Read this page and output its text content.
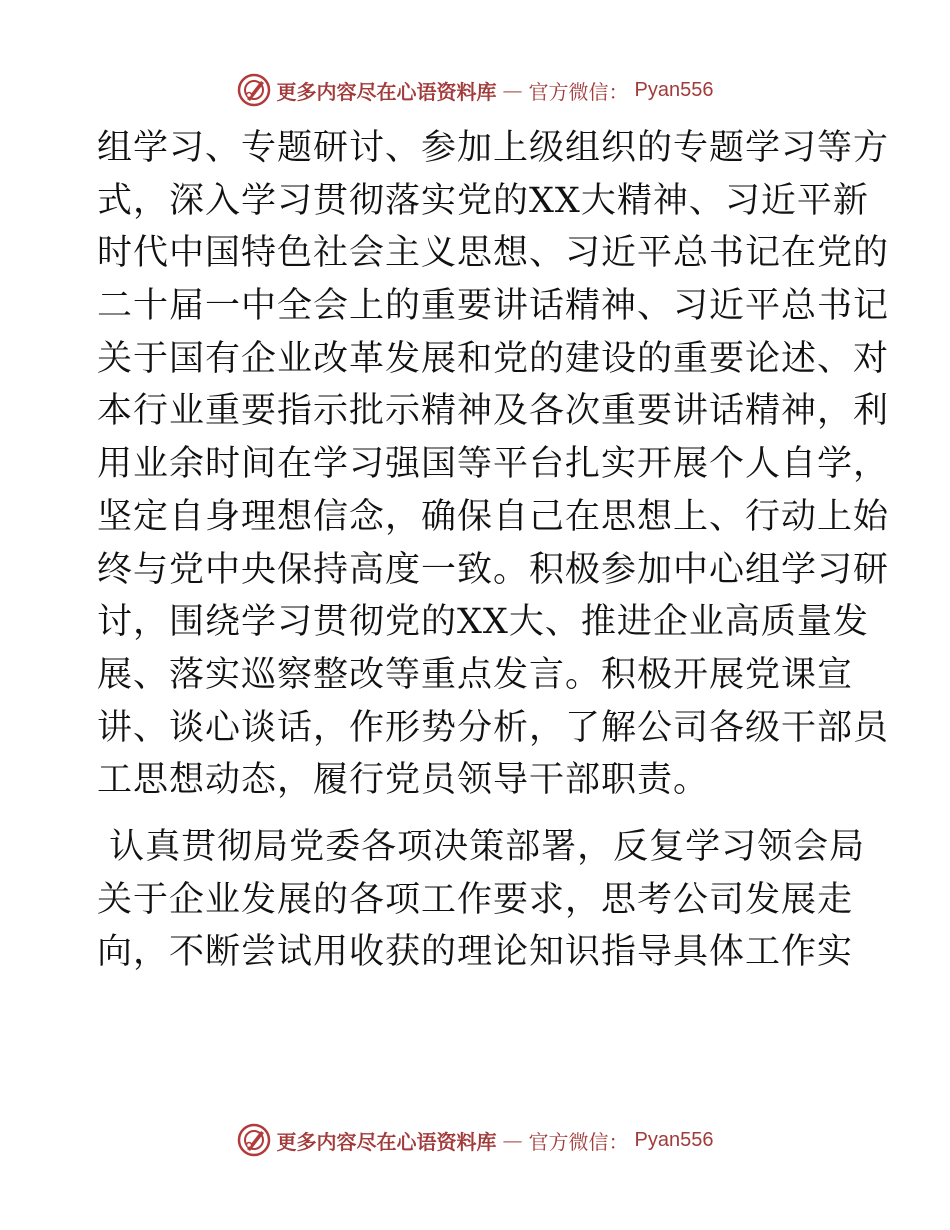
更多内容尽在心语资料库 — 官方微信： Pyan556
组学习、专题研讨、参加上级组织的专题学习等方
式，深入学习贯彻落实党的XX大精神、习近平新
时代中国特色社会主义思想、习近平总书记在党的
二十届一中全会上的重要讲话精神、习近平总书记
关于国有企业改革发展和党的建设的重要论述、对
本行业重要指示批示精神及各次重要讲话精神，利
用业余时间在学习强国等平台扎实开展个人自学，
坚定自身理想信念，确保自己在思想上、行动上始
终与党中央保持高度一致。积极参加中心组学习研
讨，围绕学习贯彻党的XX大、推进企业高质量发
展、落实巡察整改等重点发言。积极开展党课宣
讲、谈心谈话，作形势分析，了解公司各级干部员
工思想动态，履行党员领导干部职责。
认真贯彻局党委各项决策部署，反复学习领会局
关于企业发展的各项工作要求，思考公司发展走
向，不断尝试用收获的理论知识指导具体工作实
更多内容尽在心语资料库 — 官方微信： Pyan556
